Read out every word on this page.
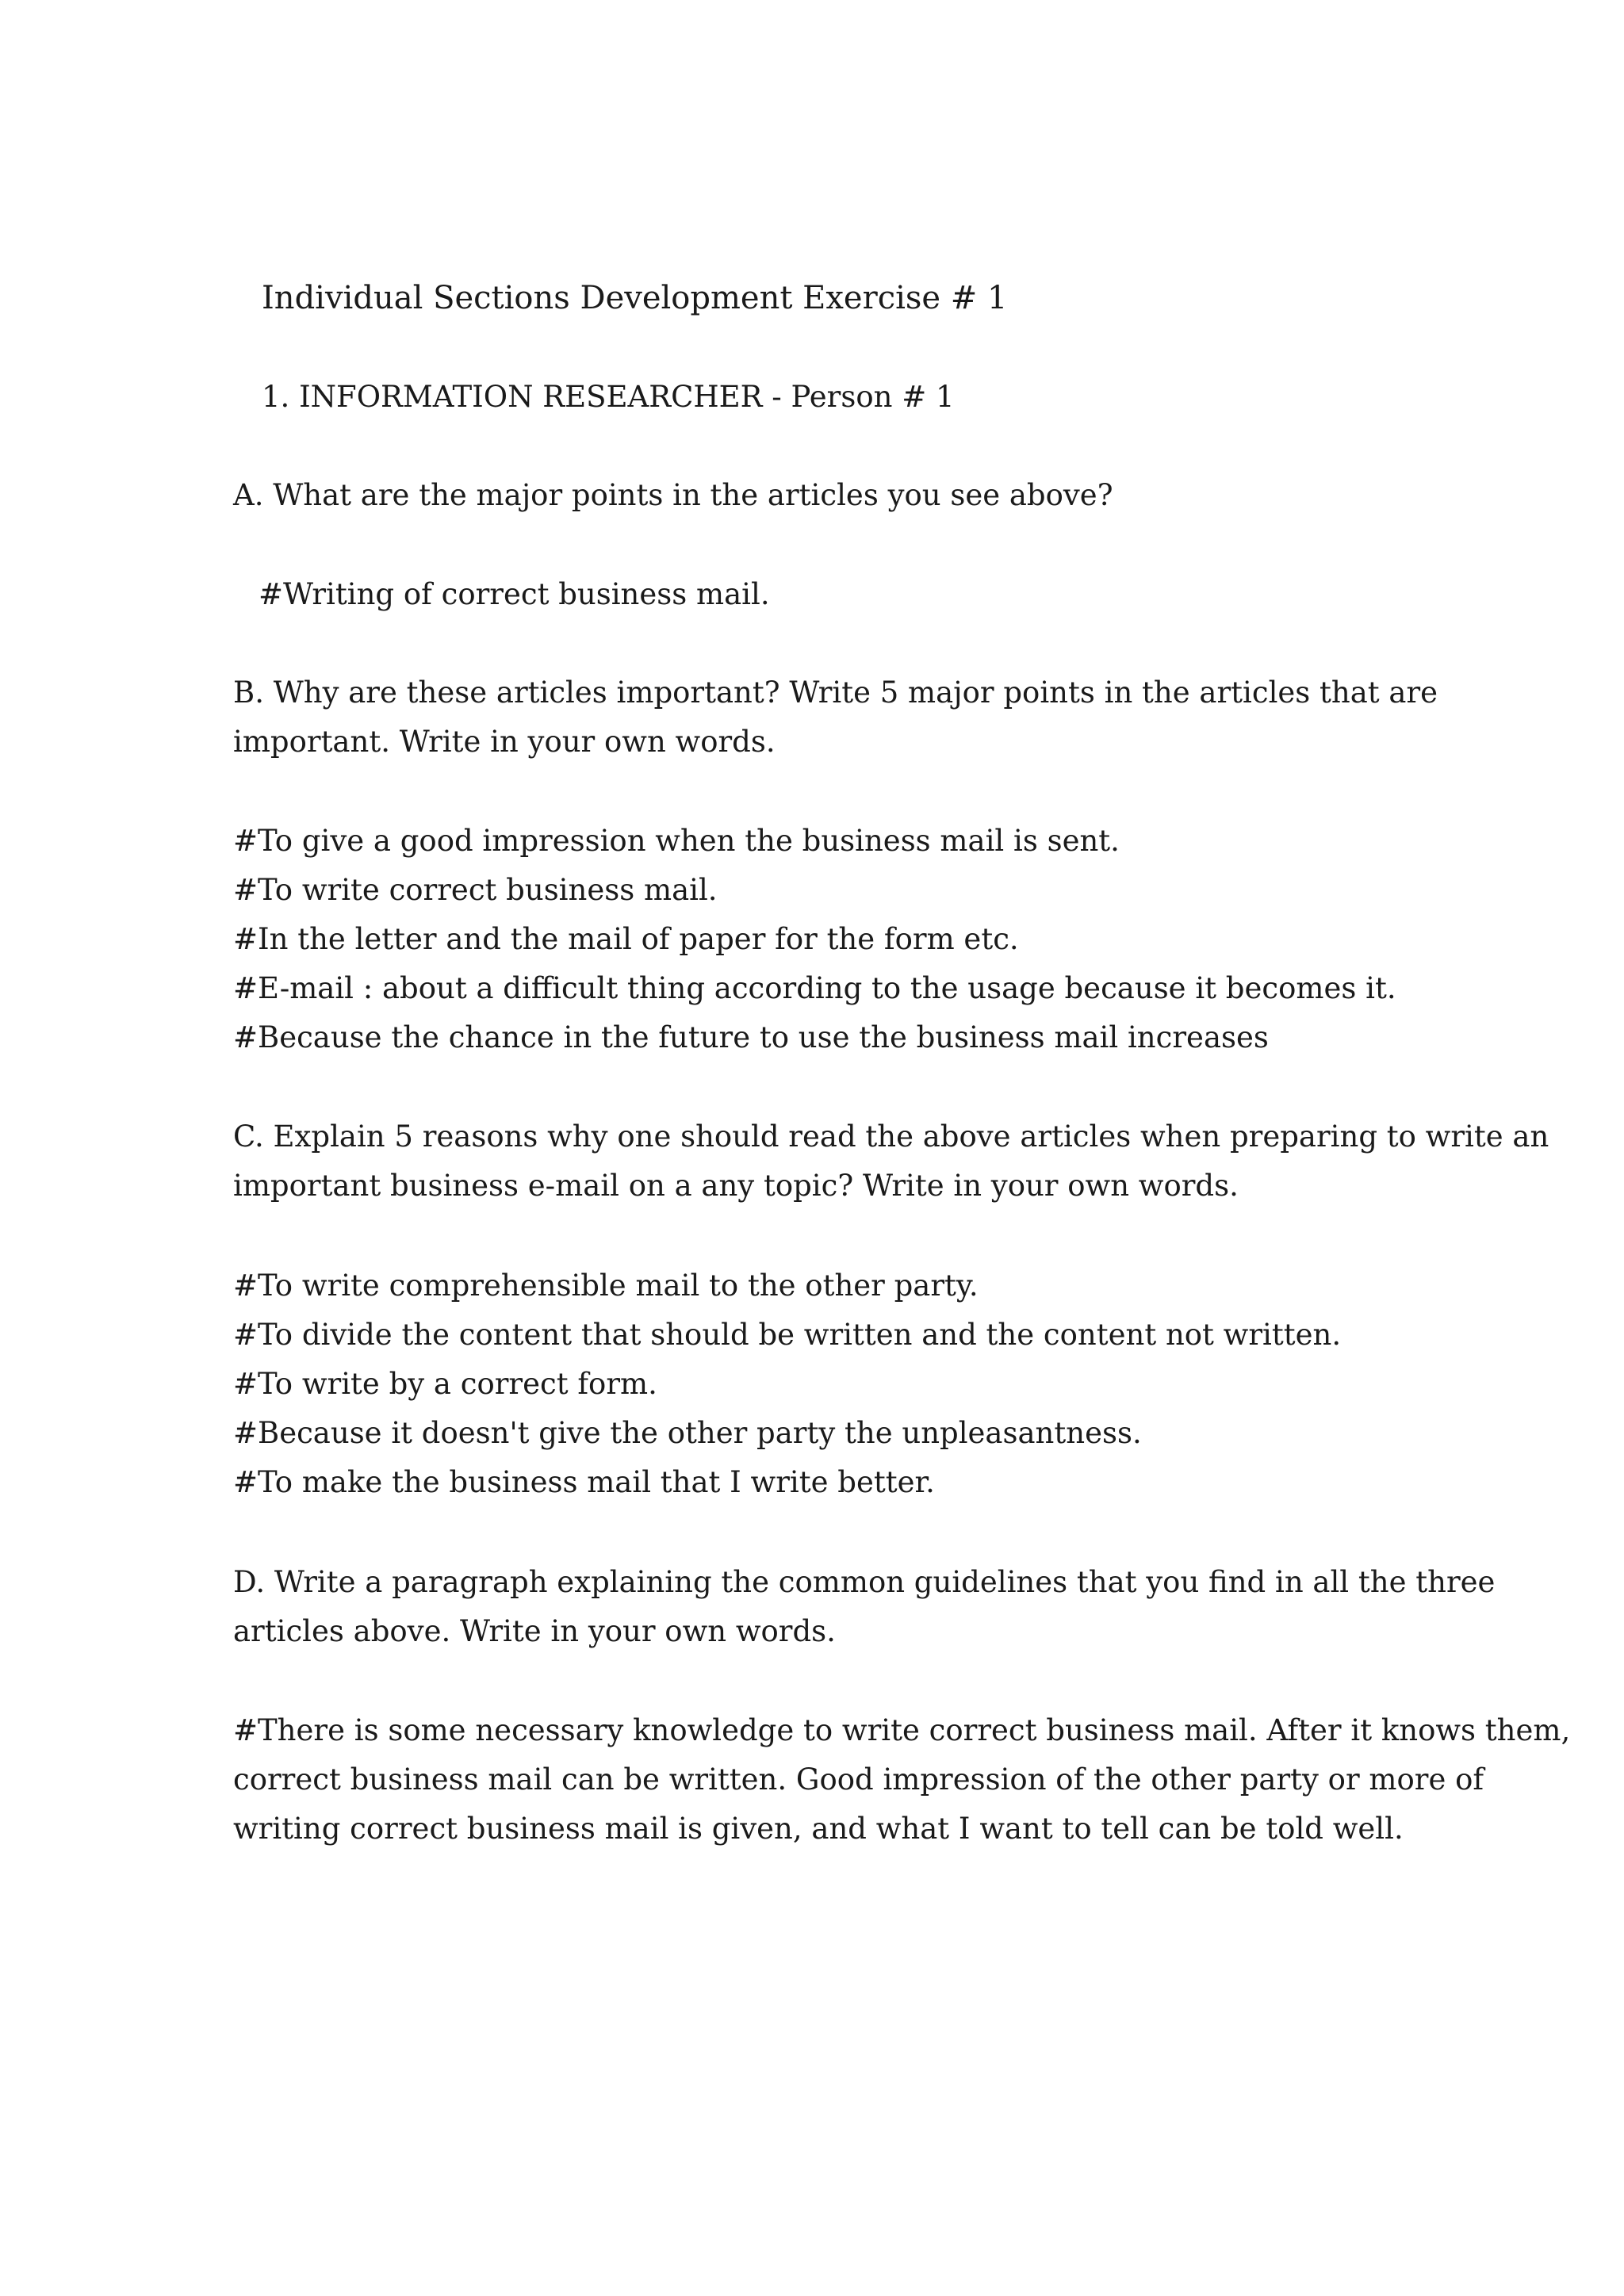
Individual Sections Development Exercise # 1
1. INFORMATION RESEARCHER - Person # 1
A. What are the major points in the articles you see above?
#Writing of correct business mail.
B. Why are these articles important? Write 5 major points in the articles that are
important. Write in your own words.
#To give a good impression when the business mail is sent.
#To write correct business mail.
#In the letter and the mail of paper for the form etc.
#E-mail : about a difficult thing according to the usage because it becomes it.
#Because the chance in the future to use the business mail increases
C. Explain 5 reasons why one should read the above articles when preparing to write an
important business e-mail on a any topic? Write in your own words.
#To write comprehensible mail to the other party.
#To divide the content that should be written and the content not written.
#To write by a correct form.
#Because it doesn't give the other party the unpleasantness.
#To make the business mail that I write better.
D. Write a paragraph explaining the common guidelines that you find in all the three
articles above. Write in your own words.
#There is some necessary knowledge to write correct business mail. After it knows them,
correct business mail can be written. Good impression of the other party or more of
writing correct business mail is given, and what I want to tell can be told well.
